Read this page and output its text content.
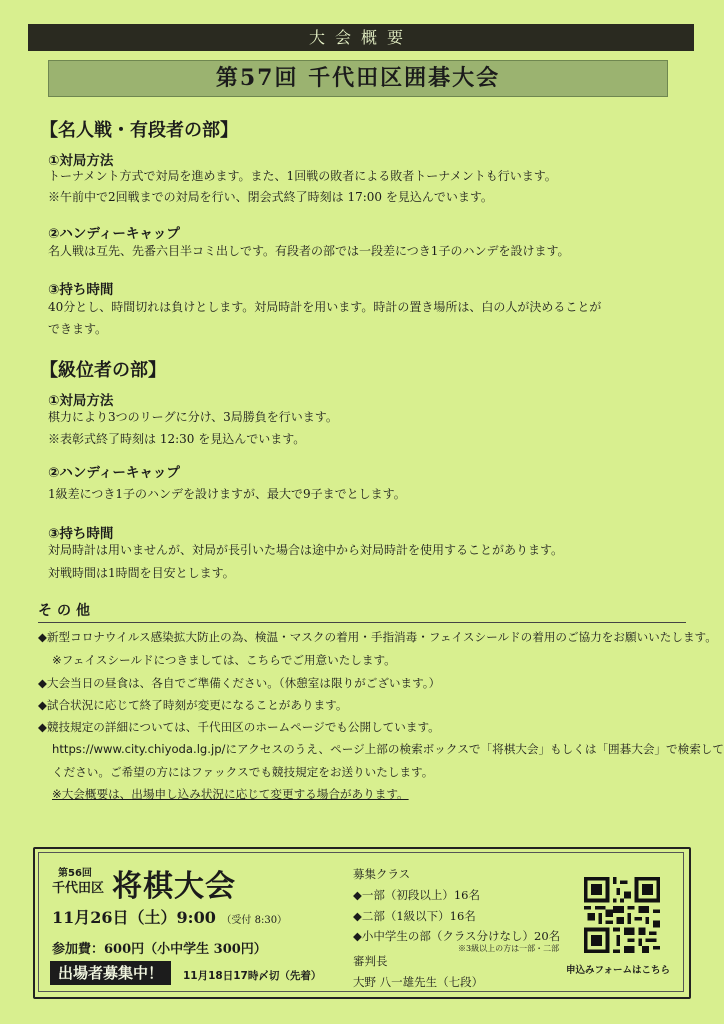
大会概要
第57回 千代田区囲碁大会
【名人戦・有段者の部】
①対局方法
トーナメント方式で対局を進めます。また、1回戦の敗者による敗者トーナメントも行います。
※午前中で2回戦までの対局を行い、閉会式終了時刻は 17:00 を見込んでいます。
②ハンディーキャップ
名人戦は互先、先番六目半コミ出しです。有段者の部では一段差につき1子のハンデを設けます。
③持ち時間
40分とし、時間切れは負けとします。対局時計を用います。時計の置き場所は、白の人が決めることが
できます。
【級位者の部】
①対局方法
棋力により3つのリーグに分け、3局勝負を行います。
※表彰式終了時刻は 12:30 を見込んでいます。
②ハンディーキャップ
1級差につき1子のハンデを設けますが、最大で9子までとします。
③持ち時間
対局時計は用いませんが、対局が長引いた場合は途中から対局時計を使用することがあります。
対戦時間は1時間を目安とします。
その他
◆新型コロナウイルス感染拡大防止の為、検温・マスクの着用・手指消毒・フェイスシールドの着用のご協力をお願いいたします。
※フェイスシールドにつきましては、こちらでご用意いたします。
◆大会当日の昼食は、各自でご準備ください。（休憩室は限りがございます。）
◆試合状況に応じて終了時刻が変更になることがあります。
◆競技規定の詳細については、千代田区のホームページでも公開しています。
https://www.city.chiyoda.lg.jp/にアクセスのうえ、ページ上部の検索ボックスで「将棋大会」もしくは「囲碁大会」で検索して
ください。ご希望の方にはファックスでも競技規定をお送りいたします。
※大会概要は、出場申し込み状況に応じて変更する場合があります。
第56回
千代田区 将棋大会
11月26日（土）9:00 （受付 8:30）
参加費：600円（小中学生 300円）
出場者募集中！	11月18日17時〆切（先着）
募集クラス
◆一部（初段以上）16名
◆二部（1級以下）16名
◆小中学生の部（クラス分けなし）20名
※3級以上の方は一部・二部
審判長
大野 八一雄先生（七段）
申込みフォームはこちら
